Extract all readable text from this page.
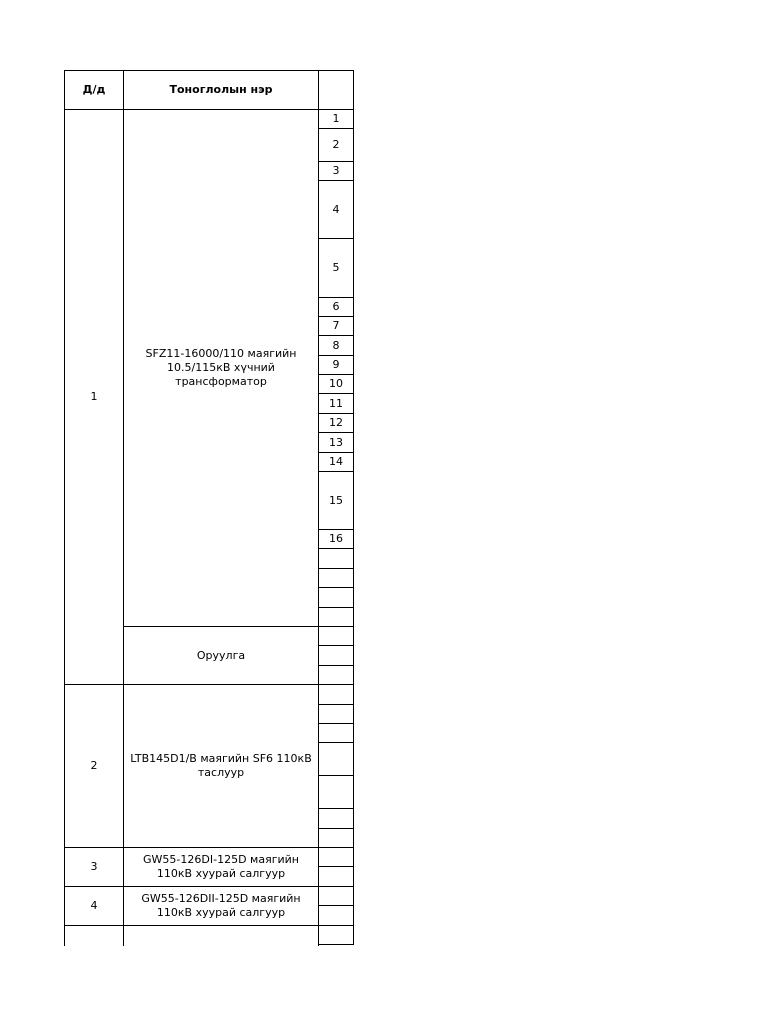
Д/д	Тоноглолын нэр
1
SFZ11-16000/110 маягийн 10.5/115кВ хүчний трансформатор
Оруулга
1
2
3
4
5
6
7
8
9
10
11
12
13
14
15
16
2
LTB145D1/B маягийн SF6 110кВ таслуур
3
GW55-126DI-125D маягийн 110кВ хуурай салгуур
4
GW55-126DII-125D маягийн 110кВ хуурай салгуур
